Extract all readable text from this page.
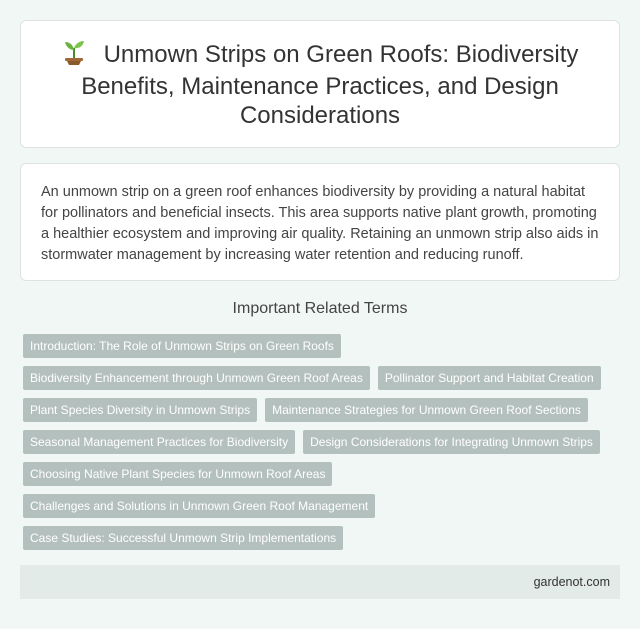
Unmown Strips on Green Roofs: Biodiversity Benefits, Maintenance Practices, and Design Considerations

An unmown strip on a green roof enhances biodiversity by providing a natural habitat for pollinators and beneficial insects. This area supports native plant growth, promoting a healthier ecosystem and improving air quality. Retaining an unmown strip also aids in stormwater management by increasing water retention and reducing runoff.

Important Related Terms
Introduction: The Role of Unmown Strips on Green Roofs
Biodiversity Enhancement through Unmown Green Roof Areas	Pollinator Support and Habitat Creation
Plant Species Diversity in Unmown Strips	Maintenance Strategies for Unmown Green Roof Sections
Seasonal Management Practices for Biodiversity	Design Considerations for Integrating Unmown Strips
Choosing Native Plant Species for Unmown Roof Areas
Challenges and Solutions in Unmown Green Roof Management
Case Studies: Successful Unmown Strip Implementations
gardenot.com
